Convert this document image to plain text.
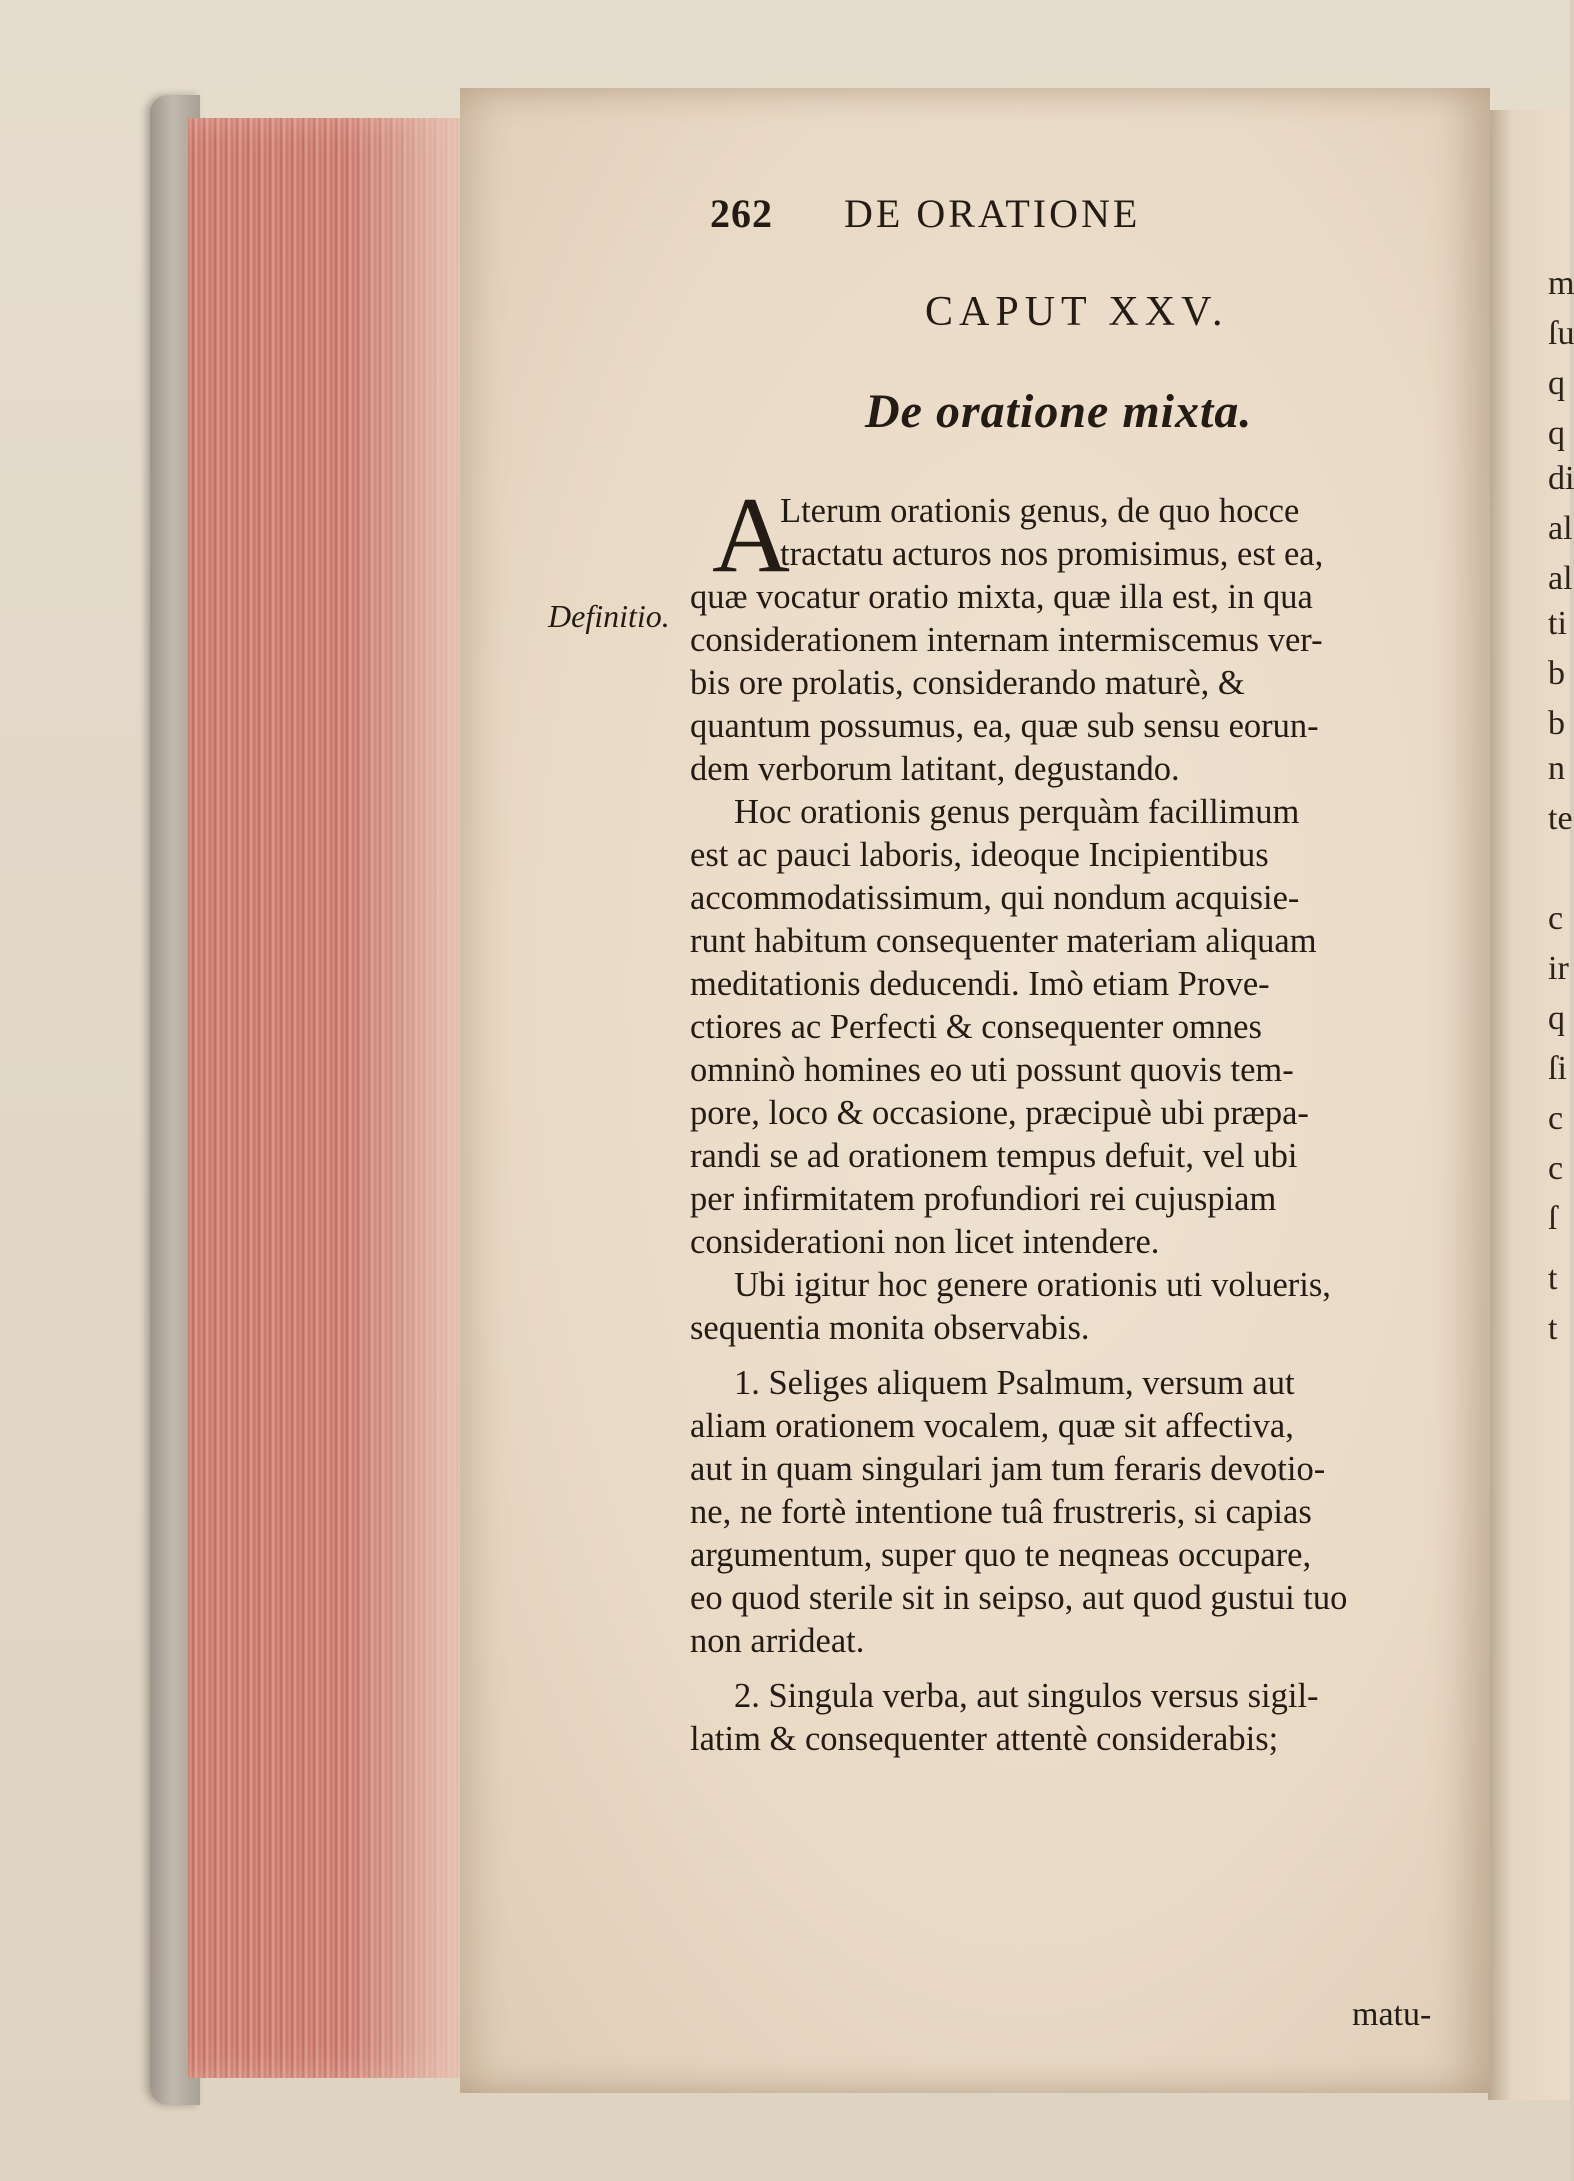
262 DE ORATIONE
CAPUT XXV.
De oratione mixta.
Definitio.
A
Lterum orationis genus, de quo hocce
tractatu acturos nos promisimus, est ea,
quæ vocatur oratio mixta, quæ illa est, in qua
considerationem internam intermiscemus ver-
bis ore prolatis, considerando maturè, &
quantum possumus, ea, quæ sub sensu eorun-
dem verborum latitant, degustando.
Hoc orationis genus perquàm facillimum
est ac pauci laboris, ideoque Incipientibus
accommodatissimum, qui nondum acquisie-
runt habitum consequenter materiam aliquam
meditationis deducendi. Imò etiam Prove-
ctiores ac Perfecti & consequenter omnes
omninò homines eo uti possunt quovis tem-
pore, loco & occasione, præcipuè ubi præpa-
randi se ad orationem tempus defuit, vel ubi
per infirmitatem profundiori rei cujuspiam
considerationi non licet intendere.
Ubi igitur hoc genere orationis uti volueris,
sequentia monita observabis.
1. Seliges aliquem Psalmum, versum aut
aliam orationem vocalem, quæ sit affectiva,
aut in quam singulari jam tum feraris devotio-
ne, ne fortè intentione tuâ frustreris, si capias
argumentum, super quo te neqneas occupare,
eo quod sterile sit in seipso, aut quod gustui tuo
non arrideat.
2. Singula verba, aut singulos versus sigil-
latim & consequenter attentè considerabis;
matu-
m
ſu
q
q
di
al
al
ti
b
b
n
te
c
ir
q
ſi
c
c
ſ
t
t
